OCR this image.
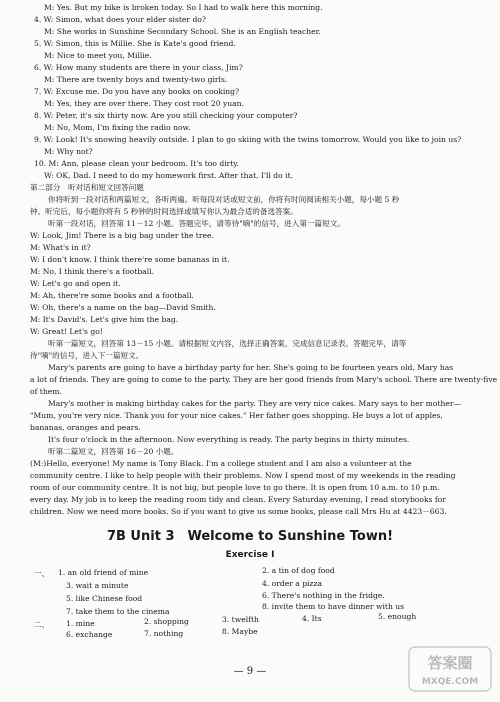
M: Yes. But my bike is broken today. So I had to walk here this morning.
4. W: Simon, what does your elder sister do?
M: She works in Sunshine Secondary School. She is an English teacher.
5. W: Simon, this is Millie. She is Kate's good friend.
M: Nice to meet you, Millie.
6. W: How many students are there in your class, Jim?
M: There are twenty boys and twenty-two girls.
7. W: Excuse me. Do you have any books on cooking?
M: Yes, they are over there. They cost root 20 yuan.
8. W: Peter, it's six thirty now. Are you still checking your computer?
M: No, Mom, I'm fixing the radio now.
9. W: Look! It's snowing heavily outside. I plan to go skiing with the twins tomorrow. Would you like to join us?
M: Why not?
10. M: Ann, please clean your bedroom. It's too dirty.
W: OK, Dad. I need to do my homework first. After that, I'll do it.
第二部分　听对话和短文回答问题
你将听到一段对话和两篇短文，各听两遍。听每段对话或短文前，你将有时间阅读相关小题，每小题 5 秒
钟。听完后，每小题你将有 5 秒钟的时间选择或填写你认为最合适的备选答案。
听第一段对话，回答第 11－12 小题。答题完毕，请等待"嘀"的信号，进入第一篇短文。
W: Look, Jim! There is a big bag under the tree.
M: What's in it?
W: I don't know. I think there're some bananas in it.
M: No, I think there's a football.
W: Let's go and open it.
M: Ah, there're some books and a football.
W: Oh, there's a name on the bag—David Smith.
M: It's David's. Let's give him the bag.
W: Great! Let's go!
听第一篇短文，回答第 13－15 小题。请根据短文内容，选择正确答案，完成信息记录表。答题完毕，请等
待"嘀"的信号，进入下一篇短文。
Mary's parents are going to have a birthday party for her. She's going to be fourteen years old. Mary has
a lot of friends. They are going to come to the party. They are her good friends from Mary's school. There are twenty-five
of them.
Mary's mother is making birthday cakes for the party. They are very nice cakes. Mary says to her mother—
"Mum, you're very nice. Thank you for your nice cakes." Her father goes shopping. He buys a lot of apples,
bananas, oranges and pears.
It's four o'clock in the afternoon. Now everything is ready. The party begins in thirty minutes.
听第二篇短文，回答第 16－20 小题。
(M:)Hello, everyone! My name is Tony Black. I'm a college student and I am also a volunteer at the
community centre. I like to help people with their problems. Now I spend most of my weekends in the reading
room of our community centre. It is not big, but people love to go there. It is open from 10 a.m. to 10 p.m.
every day. My job is to keep the reading room tidy and clean. Every Saturday evening, I read storybooks for
children. Now we need more books. So if you want to give us some books, please call Mrs Hu at 4423－663.
7B Unit 3　Welcome to Sunshine Town!
Exercise I
一、 1. an old friend of mine	2. a tin of dog food
3. wait a minute	4. order a pizza
5. like Chinese food	6. There's nothing in the fridge.
7. take them to the cinema
8. invite them to have dinner with us
二、 1. mine	2. shopping	3. twelfth	4. Its	5. enough
6. exchange	7. nothing	8. Maybe
— 9 —	答案圈
MXQE.COM
